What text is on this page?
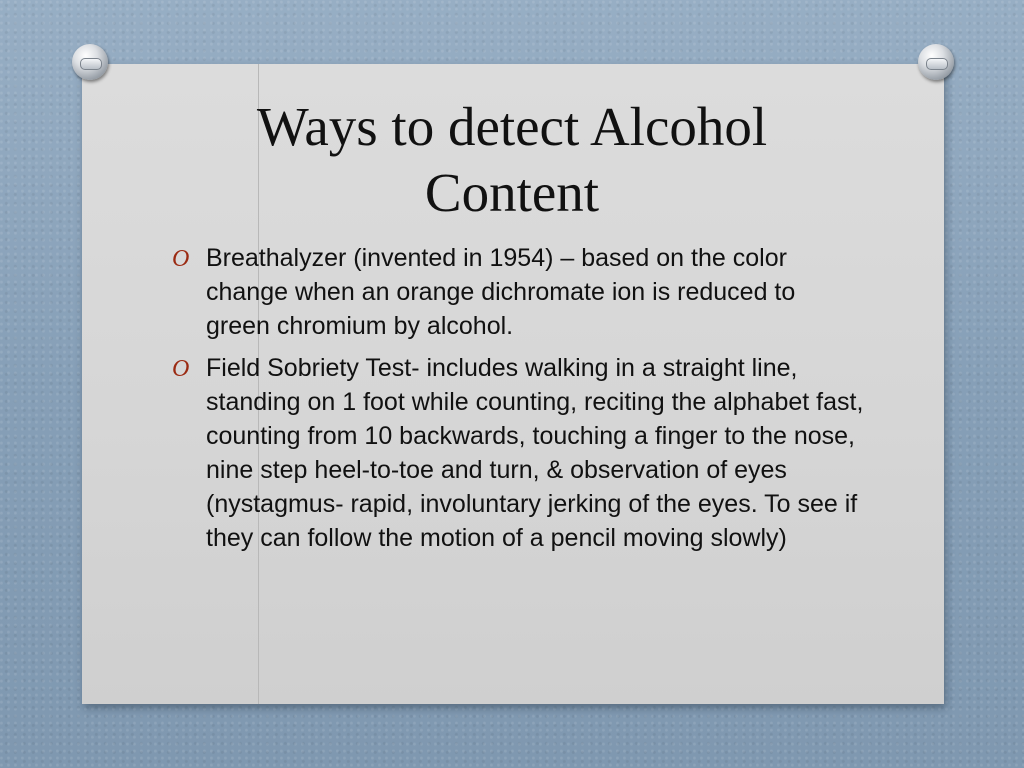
Ways to detect Alcohol
Content
O Breathalyzer (invented in 1954) – based on the color change when an orange dichromate ion is reduced to green chromium by alcohol.
O Field Sobriety Test- includes walking in a straight line, standing on 1 foot while counting, reciting the alphabet fast, counting from 10 backwards, touching a finger to the nose, nine step heel-to-toe and turn, & observation of eyes (nystagmus- rapid, involuntary jerking of the eyes. To see if they can follow the motion of a pencil moving slowly)
